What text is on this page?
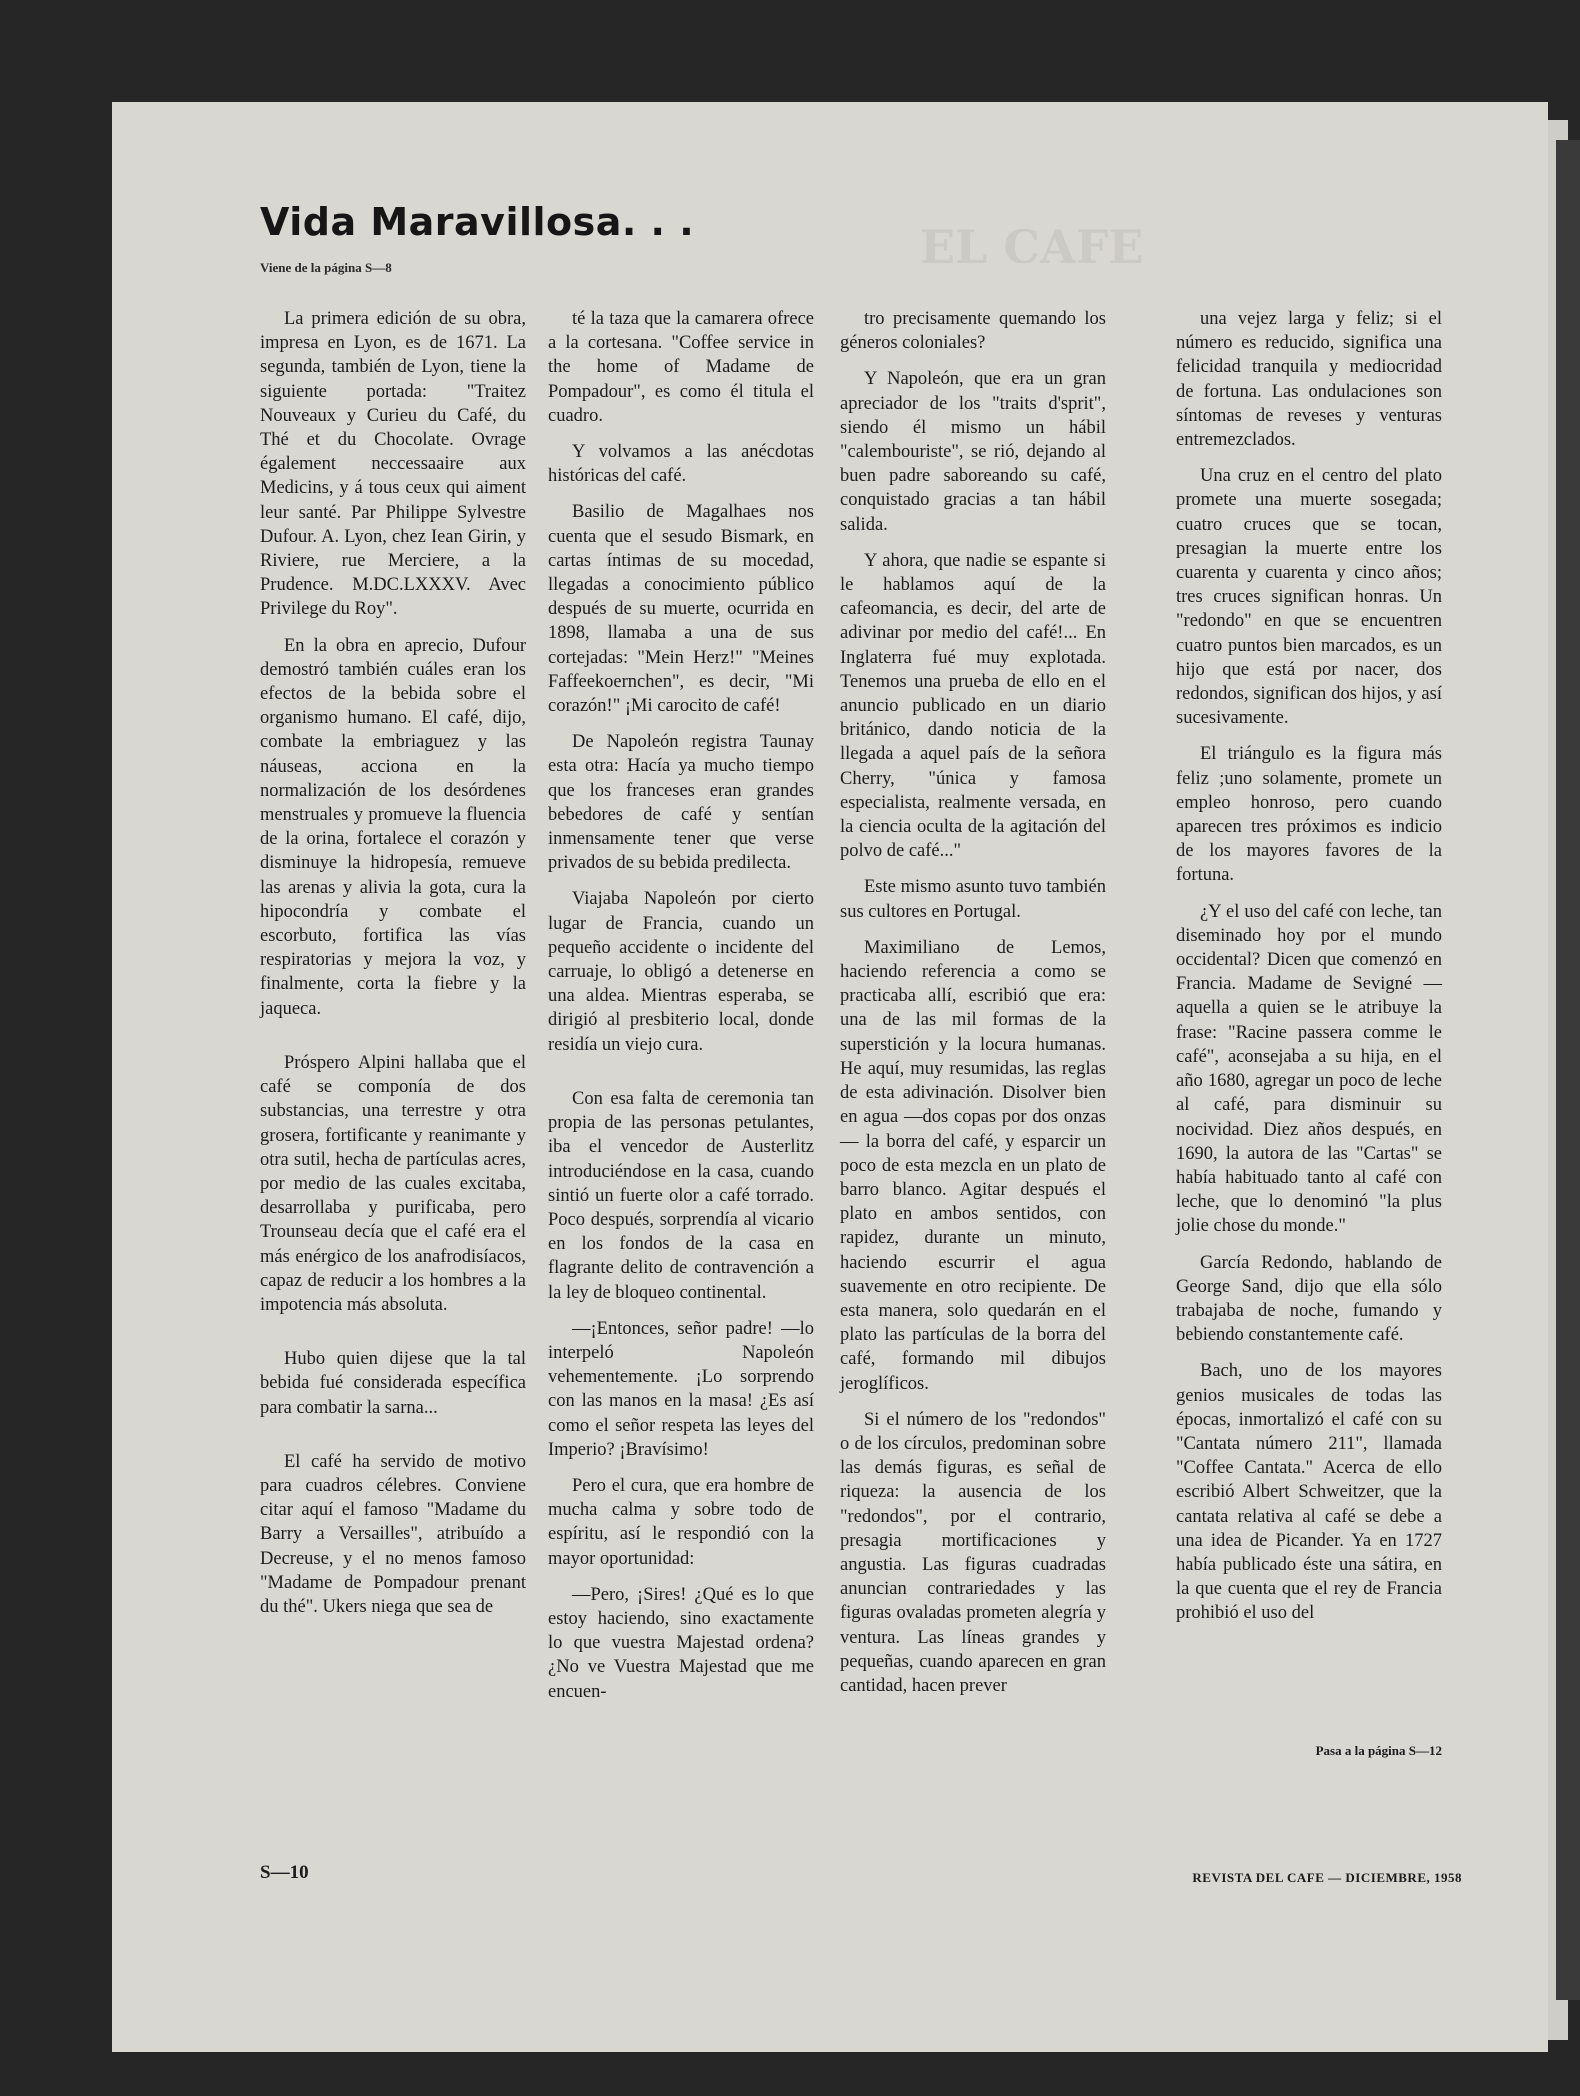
EL CAFE
Vida Maravillosa. . .
Viene de la página S—8

La primera edición de su obra, impresa en Lyon, es de 1671. La segunda, también de Lyon, tiene la siguiente portada: "Traitez Nouveaux y Curieu du Café, du Thé et du Chocolate. Ovrage également neccessaaire aux Medicins, y á tous ceux qui aiment leur santé. Par Philippe Sylvestre Dufour. A. Lyon, chez Iean Girin, y Riviere, rue Merciere, a la Prudence. M.DC.LXXXV. Avec Privilege du Roy".

En la obra en aprecio, Dufour demostró también cuáles eran los efectos de la bebida sobre el organismo humano. El café, dijo, combate la embriaguez y las náuseas, acciona en la normalización de los desórdenes menstruales y promueve la fluencia de la orina, fortalece el corazón y disminuye la hidropesía, remueve las arenas y alivia la gota, cura la hipocondría y combate el escorbuto, fortifica las vías respiratorias y mejora la voz, y finalmente, corta la fiebre y la jaqueca.

Próspero Alpini hallaba que el café se componía de dos substancias, una terrestre y otra grosera, fortificante y reanimante y otra sutil, hecha de partículas acres, por medio de las cuales excitaba, desarrollaba y purificaba, pero Trounseau decía que el café era el más enérgico de los anafrodisíacos, capaz de reducir a los hombres a la impotencia más absoluta.

Hubo quien dijese que la tal bebida fué considerada específica para combatir la sarna...

El café ha servido de motivo para cuadros célebres. Conviene citar aquí el famoso "Madame du Barry a Versailles", atribuído a Decreuse, y el no menos famoso "Madame de Pompadour prenant du thé". Ukers niega que sea de

té la taza que la camarera ofrece a la cortesana. "Coffee service in the home of Madame de Pompadour", es como él titula el cuadro.

Y volvamos a las anécdotas históricas del café.

Basilio de Magalhaes nos cuenta que el sesudo Bismark, en cartas íntimas de su mocedad, llegadas a conocimiento público después de su muerte, ocurrida en 1898, llamaba a una de sus cortejadas: "Mein Herz!" "Meines Faffeekoernchen", es decir, "Mi corazón!" ¡Mi carocito de café!

De Napoleón registra Taunay esta otra: Hacía ya mucho tiempo que los franceses eran grandes bebedores de café y sentían inmensamente tener que verse privados de su bebida predilecta.

Viajaba Napoleón por cierto lugar de Francia, cuando un pequeño accidente o incidente del carruaje, lo obligó a detenerse en una aldea. Mientras esperaba, se dirigió al presbiterio local, donde residía un viejo cura.

Con esa falta de ceremonia tan propia de las personas petulantes, iba el vencedor de Austerlitz introduciéndose en la casa, cuando sintió un fuerte olor a café torrado. Poco después, sorprendía al vicario en los fondos de la casa en flagrante delito de contravención a la ley de bloqueo continental.

—¡Entonces, señor padre! —lo interpeló Napoleón vehementemente. ¡Lo sorprendo con las manos en la masa! ¿Es así como el señor respeta las leyes del Imperio? ¡Bravísimo!

Pero el cura, que era hombre de mucha calma y sobre todo de espíritu, así le respondió con la mayor oportunidad:

—Pero, ¡Sires! ¿Qué es lo que estoy haciendo, sino exactamente lo que vuestra Majestad ordena? ¿No ve Vuestra Majestad que me encuen-

tro precisamente quemando los géneros coloniales?

Y Napoleón, que era un gran apreciador de los "traits d'sprit", siendo él mismo un hábil "calembouriste", se rió, dejando al buen padre saboreando su café, conquistado gracias a tan hábil salida.

Y ahora, que nadie se espante si le hablamos aquí de la cafeomancia, es decir, del arte de adivinar por medio del café!... En Inglaterra fué muy explotada. Tenemos una prueba de ello en el anuncio publicado en un diario británico, dando noticia de la llegada a aquel país de la señora Cherry, "única y famosa especialista, realmente versada, en la ciencia oculta de la agitación del polvo de café..."

Este mismo asunto tuvo también sus cultores en Portugal.

Maximiliano de Lemos, haciendo referencia a como se practicaba allí, escribió que era: una de las mil formas de la superstición y la locura humanas. He aquí, muy resumidas, las reglas de esta adivinación. Disolver bien en agua —dos copas por dos onzas— la borra del café, y esparcir un poco de esta mezcla en un plato de barro blanco. Agitar después el plato en ambos sentidos, con rapidez, durante un minuto, haciendo escurrir el agua suavemente en otro recipiente. De esta manera, solo quedarán en el plato las partículas de la borra del café, formando mil dibujos jeroglíficos.

Si el número de los "redondos" o de los círculos, predominan sobre las demás figuras, es señal de riqueza: la ausencia de los "redondos", por el contrario, presagia mortificaciones y angustia. Las figuras cuadradas anuncian contrariedades y las figuras ovaladas prometen alegría y ventura. Las líneas grandes y pequeñas, cuando aparecen en gran cantidad, hacen prever

una vejez larga y feliz; si el número es reducido, significa una felicidad tranquila y mediocridad de fortuna. Las ondulaciones son síntomas de reveses y venturas entremezclados.

Una cruz en el centro del plato promete una muerte sosegada; cuatro cruces que se tocan, presagian la muerte entre los cuarenta y cuarenta y cinco años; tres cruces significan honras. Un "redondo" en que se encuentren cuatro puntos bien marcados, es un hijo que está por nacer, dos redondos, significan dos hijos, y así sucesivamente.

El triángulo es la figura más feliz ;uno solamente, promete un empleo honroso, pero cuando aparecen tres próximos es indicio de los mayores favores de la fortuna.

¿Y el uso del café con leche, tan diseminado hoy por el mundo occidental? Dicen que comenzó en Francia. Madame de Sevigné —aquella a quien se le atribuye la frase: "Racine passera comme le café", aconsejaba a su hija, en el año 1680, agregar un poco de leche al café, para disminuir su nocividad. Diez años después, en 1690, la autora de las "Cartas" se había habituado tanto al café con leche, que lo denominó "la plus jolie chose du monde."

García Redondo, hablando de George Sand, dijo que ella sólo trabajaba de noche, fumando y bebiendo constantemente café.

Bach, uno de los mayores genios musicales de todas las épocas, inmortalizó el café con su "Cantata número 211", llamada "Coffee Cantata." Acerca de ello escribió Albert Schweitzer, que la cantata relativa al café se debe a una idea de Picander. Ya en 1727 había publicado éste una sátira, en la que cuenta que el rey de Francia prohibió el uso del

Pasa a la página S—12
S—10	REVISTA DEL CAFE — DICIEMBRE, 1958
